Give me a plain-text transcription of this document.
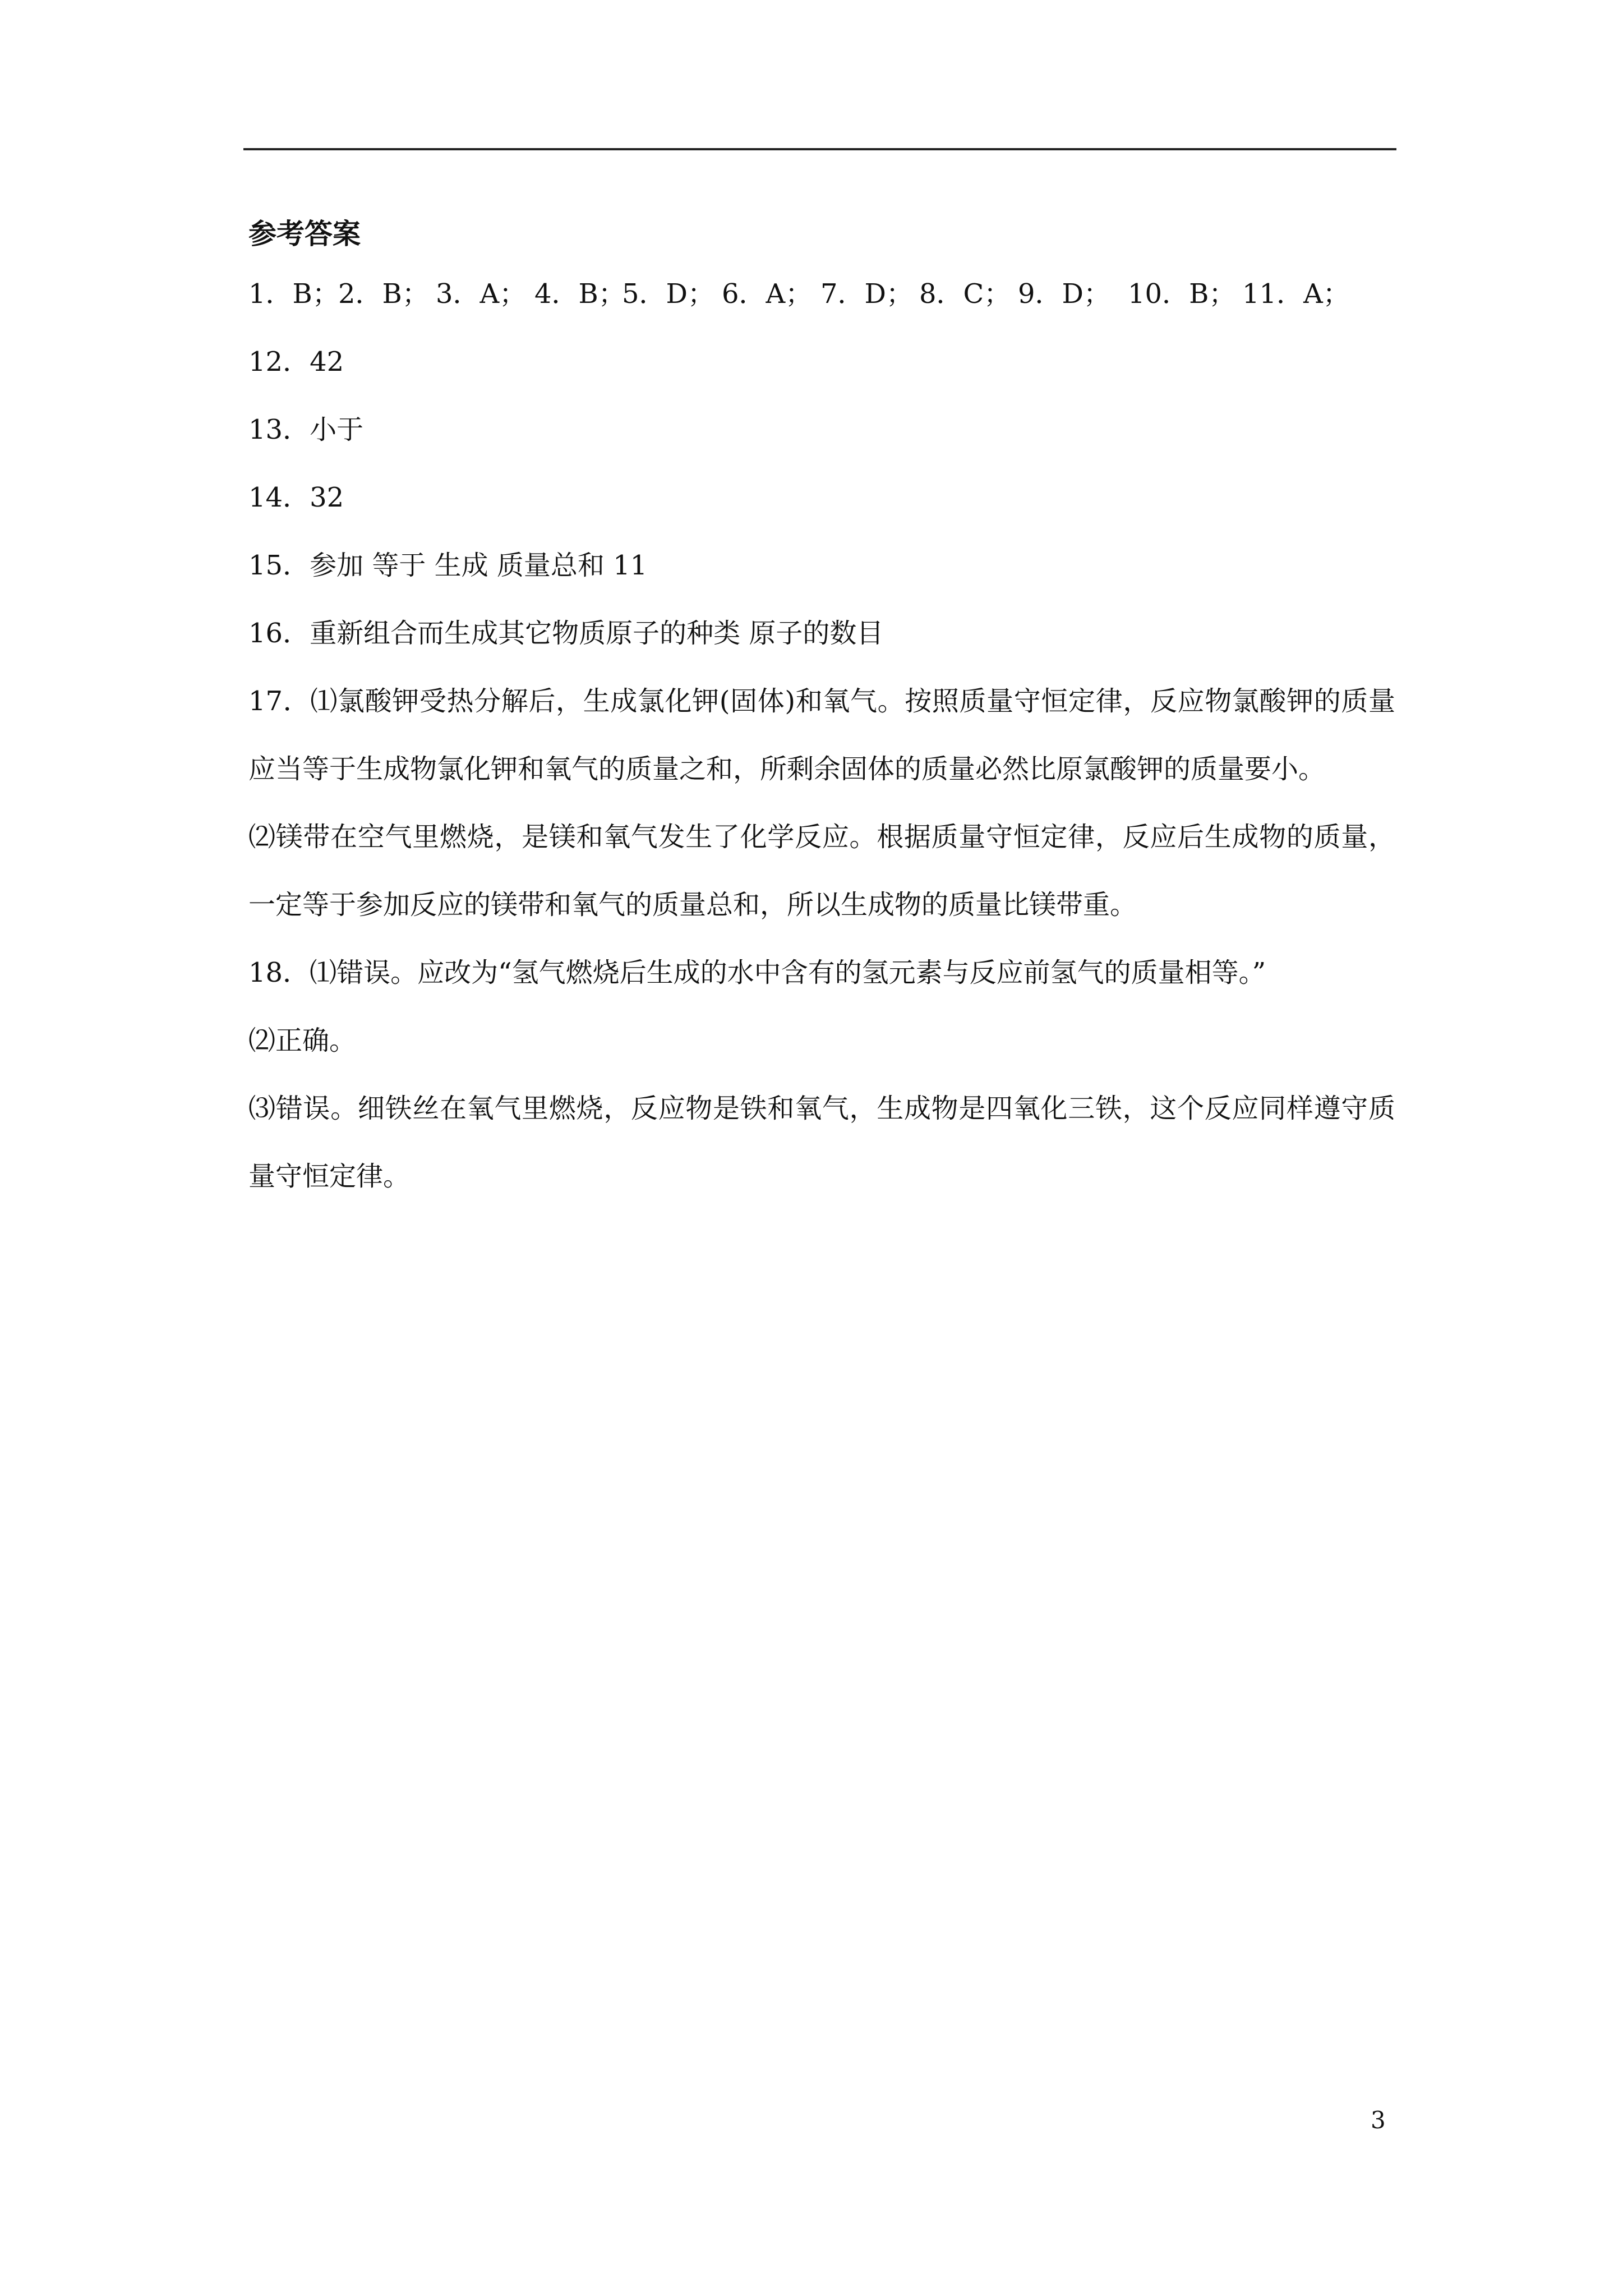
参考答案

1．B；
2．B； 3．A； 4．B；
5．D； 6．A； 7．D； 8．C； 9．D； 10．B； 11．A；

12．42

13．小于

14．32

15．参加 等于 生成 质量总和 11

16．重新组合而生成其它物质原子的种类 原子的数目

17．⑴氯酸钾受热分解后，生成氯化钾(固体)和氧气。按照质量守恒定律，反应物氯酸钾的质量应当等于生成物氯化钾和氧气的质量之和，所剩余固体的质量必然比原氯酸钾的质量要小。

⑵镁带在空气里燃烧，是镁和氧气发生了化学反应。根据质量守恒定律，反应后生成物的质量，一定等于参加反应的镁带和氧气的质量总和，所以生成物的质量比镁带重。

18．⑴错误。应改为“氢气燃烧后生成的水中含有的氢元素与反应前氢气的质量相等。”

⑵正确。

⑶错误。细铁丝在氧气里燃烧，反应物是铁和氧气，生成物是四氧化三铁，这个反应同样遵守质量守恒定律。

3
